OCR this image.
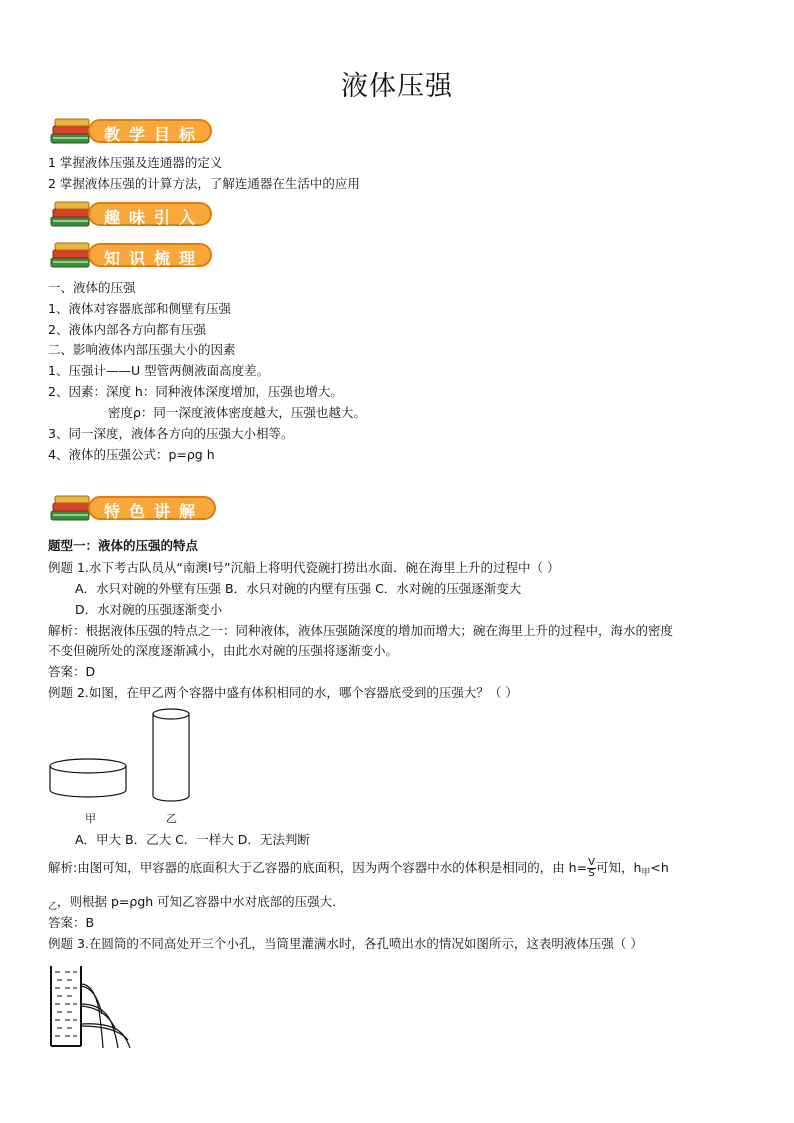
液体压强
教学目标
1 掌握液体压强及连通器的定义
2 掌握液体压强的计算方法，了解连通器在生活中的应用
趣味引入
知识梳理
一、液体的压强
1、液体对容器底部和侧壁有压强
2、液体内部各方向都有压强
二、影响液体内部压强大小的因素
1、压强计——U 型管两侧液面高度差。
2、因素：深度 h：同种液体深度增加，压强也增大。
密度ρ：同一深度液体密度越大，压强也越大。
3、同一深度，液体各方向的压强大小相等。
4、液体的压强公式：p=ρg h
特色讲解
题型一：液体的压强的特点
例题 1.水下考古队员从“南澳Ⅰ号”沉船上将明代瓷碗打捞出水面．碗在海里上升的过程中（ ）
A．水只对碗的外壁有压强 B．水只对碗的内壁有压强 C．水对碗的压强逐渐变大
D．水对碗的压强逐渐变小
解析：根据液体压强的特点之一：同种液体，液体压强随深度的增加而增大；碗在海里上升的过程中，海水的密度
不变但碗所处的深度逐渐减小，由此水对碗的压强将逐渐变小。
答案：D
例题 2.如图，在甲乙两个容器中盛有体积相同的水，哪个容器底受到的压强大？（ ）
甲	乙
A．甲大 B．乙大 C．一样大 D．无法判断
解析:由图可知，甲容器的底面积大于乙容器的底面积，因为两个容器中水的体积是相同的，由 $h= \frac{V}{S}$ 可知，$h_甲<h$
$_乙$，则根据 p=ρgh 可知乙容器中水对底部的压强大．
答案：B
例题 3.在圆筒的不同高处开三个小孔，当筒里灌满水时，各孔喷出水的情况如图所示，这表明液体压强（ ）
